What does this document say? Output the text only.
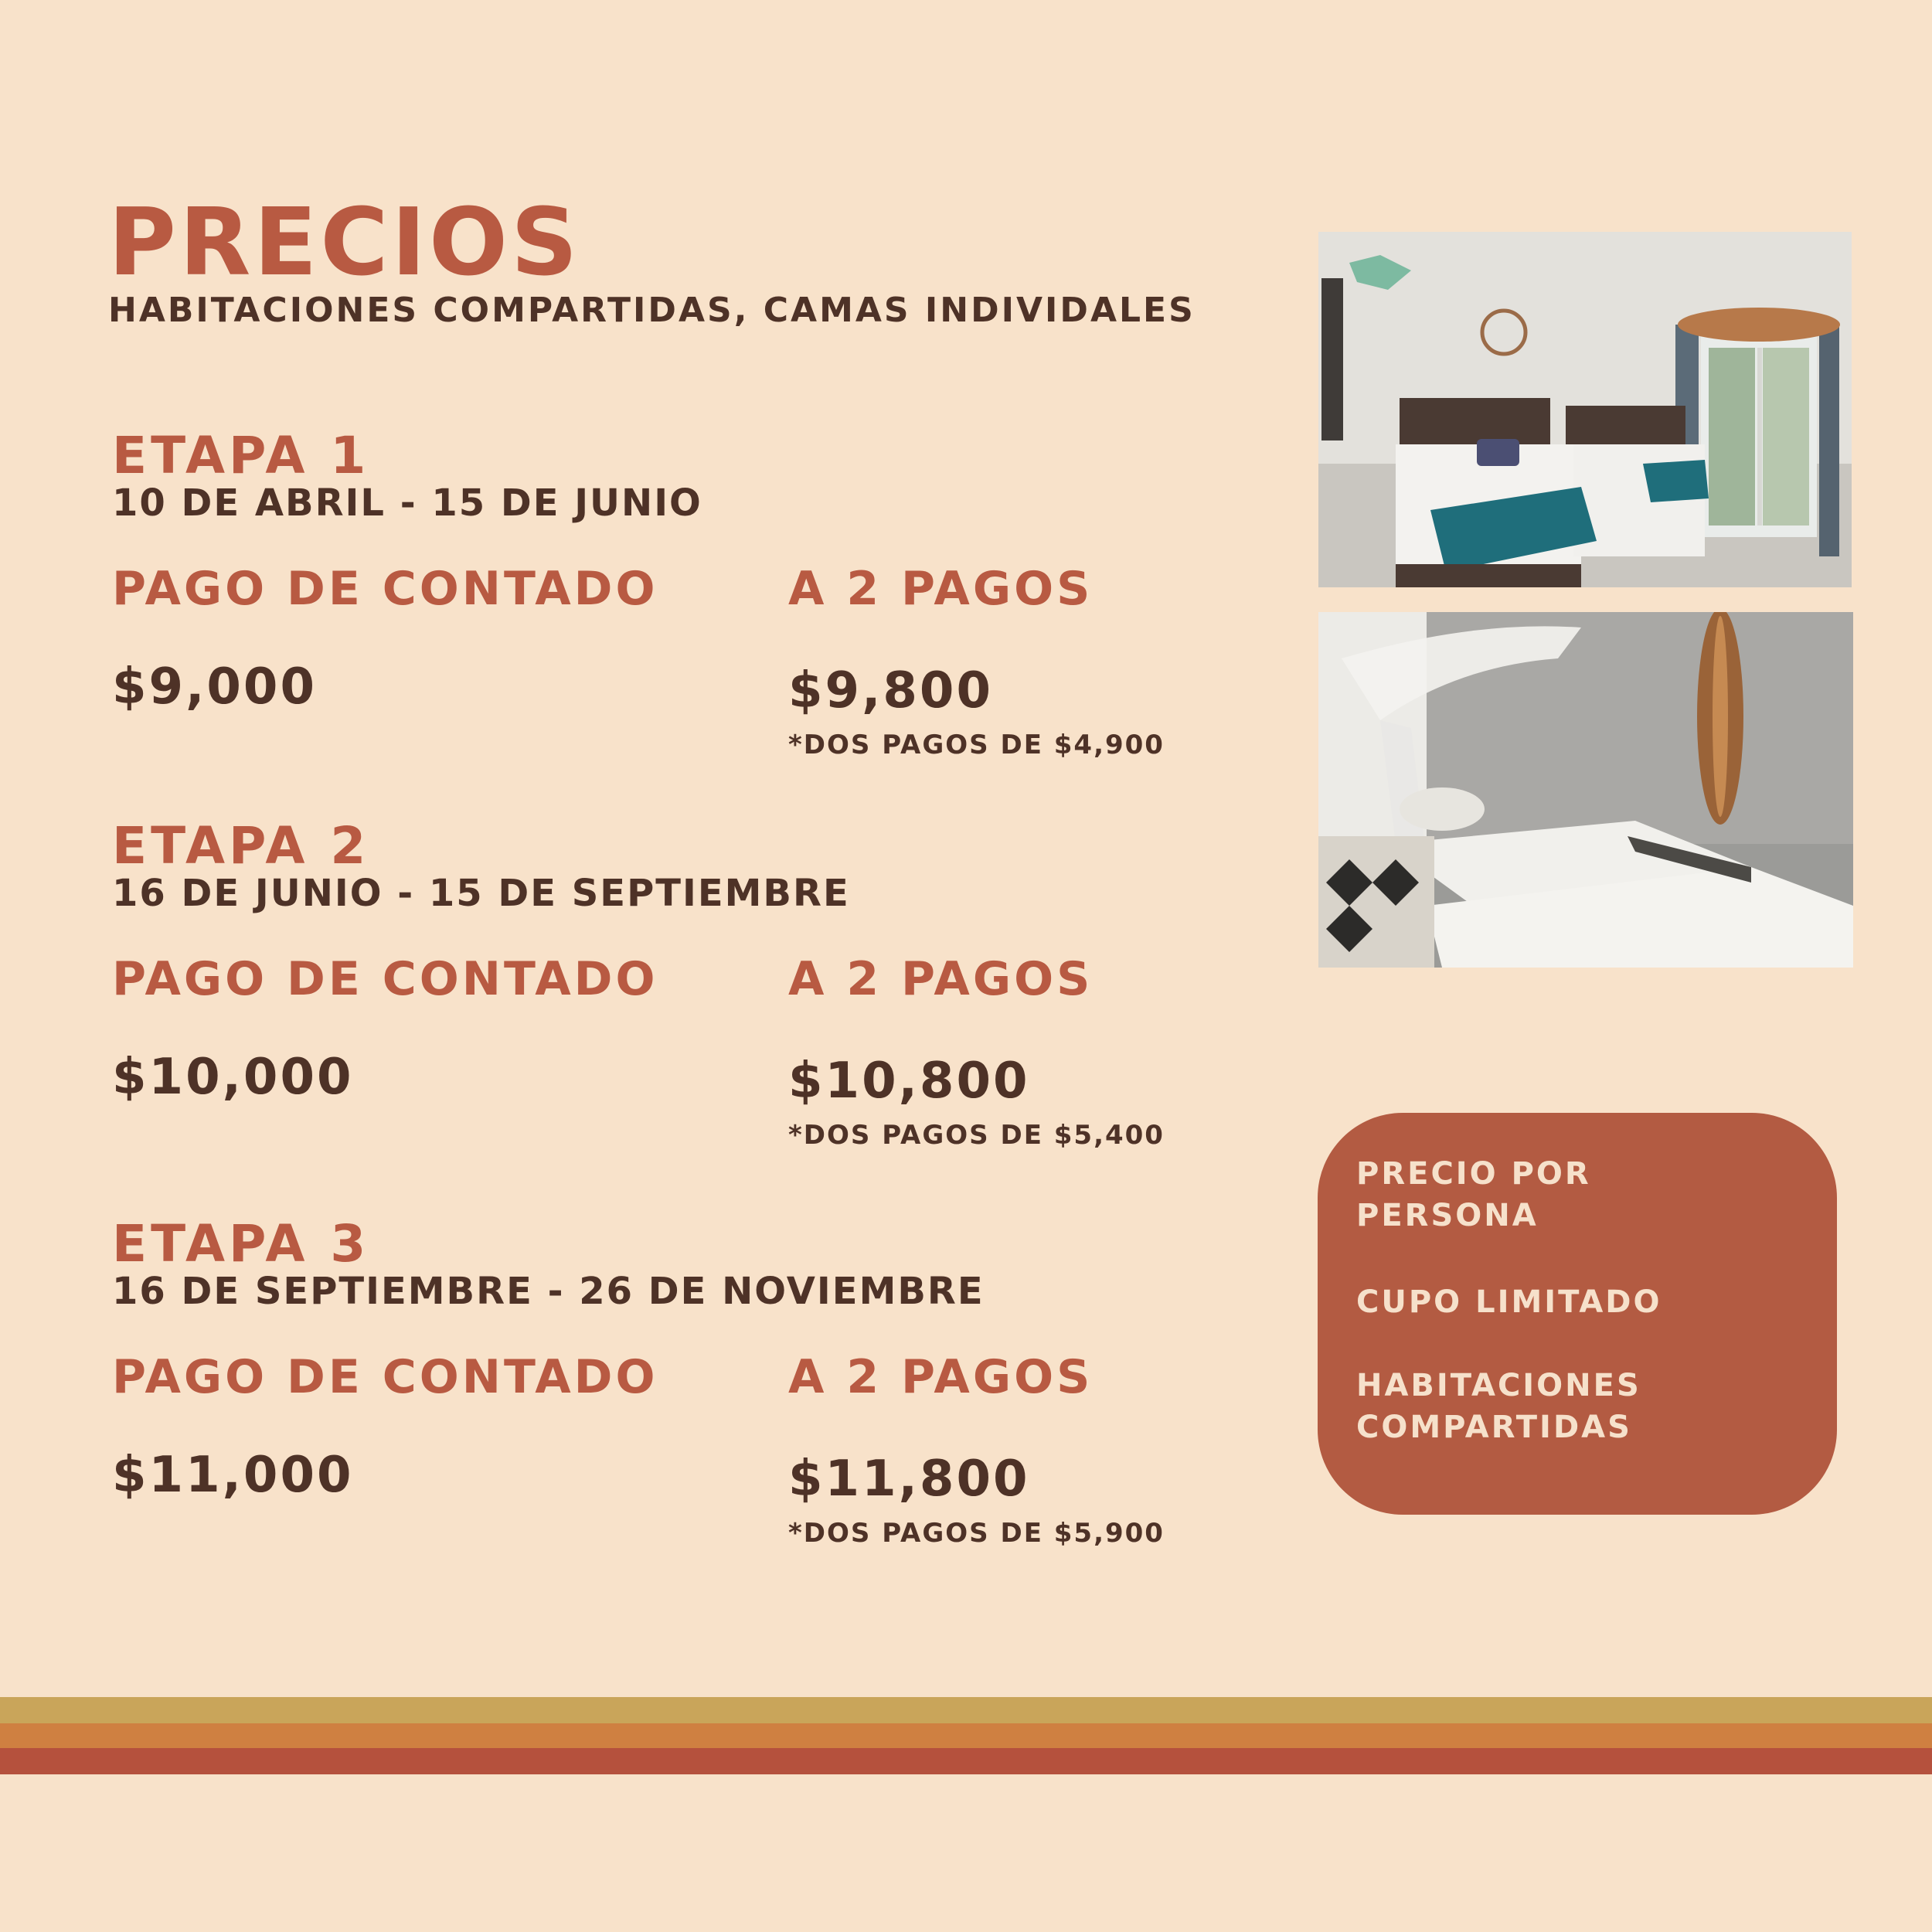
PRECIOS
HABITACIONES COMPARTIDAS, CAMAS INDIVIDALES
ETAPA 1
10 DE ABRIL - 15 DE JUNIO
PAGO DE CONTADO	A 2 PAGOS
$9,000	$9,800
*DOS PAGOS DE $4,900
ETAPA 2
16 DE JUNIO - 15 DE SEPTIEMBRE
PAGO DE CONTADO	A 2 PAGOS
$10,000	$10,800
*DOS PAGOS DE $5,400
ETAPA 3
16 DE SEPTIEMBRE - 26 DE NOVIEMBRE
PAGO DE CONTADO	A 2 PAGOS
$11,000	$11,800
*DOS PAGOS DE $5,900
PRECIO POR PERSONA
CUPO LIMITADO
HABITACIONES COMPARTIDAS
